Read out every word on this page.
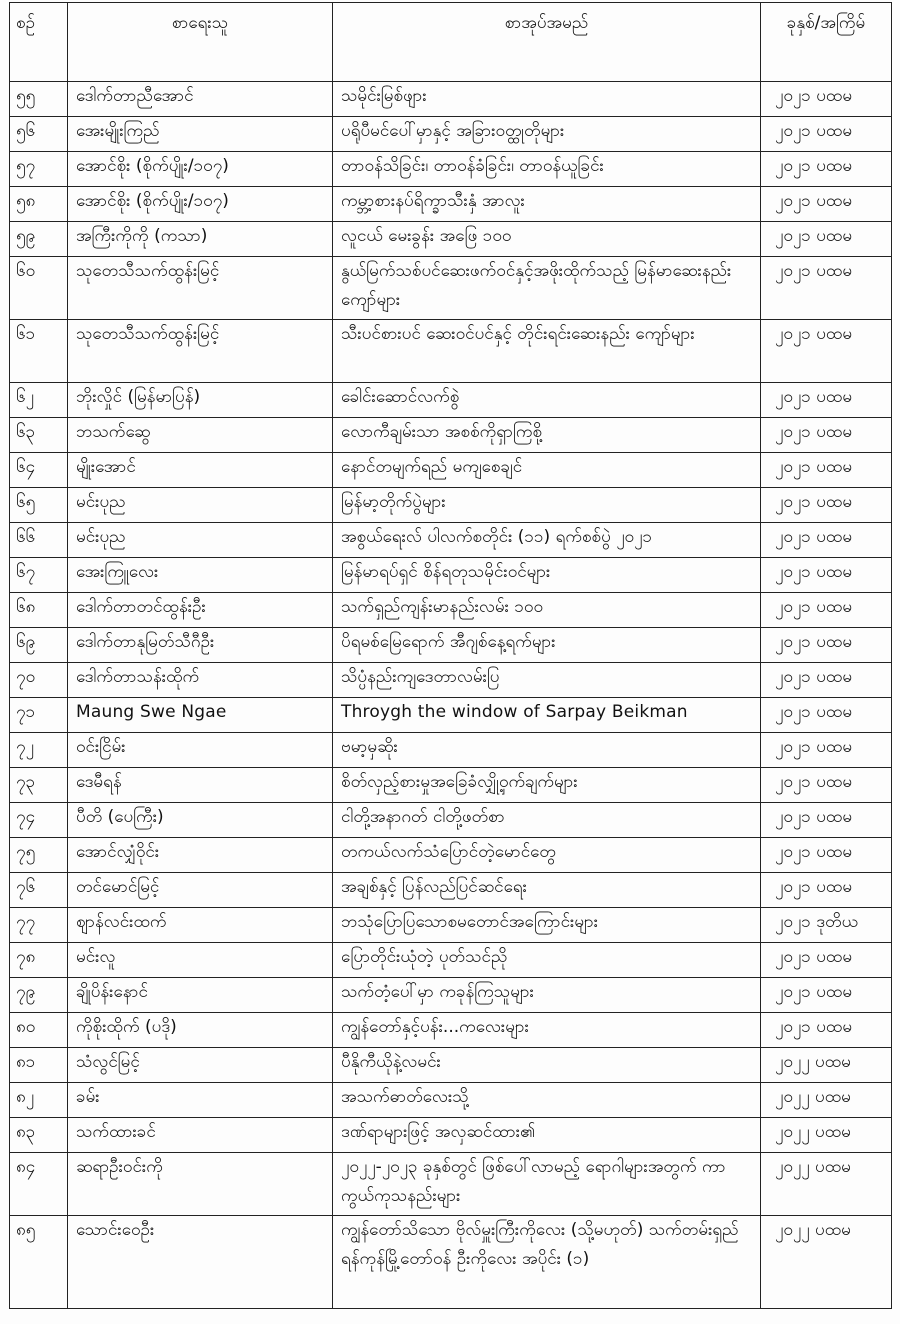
စဉ်	စာရေးသူ	စာအုပ်အမည်	ခုနှစ်/အကြိမ်
၅၅	ဒေါက်တာညီအောင်	သမိုင်းမြစ်ဖျား	၂၀၂၁ ပထမ
၅၆	အေးမျိုးကြည်	ပရိုပီမင်ပေါ်မှာနှင့် အခြားဝတ္ထုတိုများ	၂၀၂၁ ပထမ
၅၇	အောင်စိုး (စိုက်ပျိုး/၁၀၇)	တာဝန်သိခြင်း၊ တာဝန်ခံခြင်း၊ တာဝန်ယူခြင်း	၂၀၂၁ ပထမ
၅၈	အောင်စိုး (စိုက်ပျိုး/၁၀၇)	ကမ္ဘာ့စားနပ်ရိက္ခာသီးနှံ အာလူး	၂၀၂၁ ပထမ
၅၉	အကြီးကိုကို (ကသာ)	လူငယ် မေးခွန်း အဖြေ ၁၀၀	၂၀၂၁ ပထမ
၆၀	သုတေသီသက်ထွန်းမြင့်	နွယ်မြက်သစ်ပင်ဆေးဖက်ဝင်နှင့်အဖိုးထိုက်သည့် မြန်မာဆေးနည်းကျော်များ	၂၀၂၁ ပထမ
၆၁	သုတေသီသက်ထွန်းမြင့်	သီးပင်စားပင် ဆေးဝင်ပင်နှင့် တိုင်းရင်းဆေးနည်း ကျော်များ	၂၀၂၁ ပထမ
၆၂	ဘိုးလှိုင် (မြန်မာပြန်)	ခေါင်းဆောင်လက်စွဲ	၂၀၂၁ ပထမ
၆၃	ဘသက်ဆွေ	လောကီချမ်းသာ အစစ်ကိုရှာကြစို့	၂၀၂၁ ပထမ
၆၄	မျိုးအောင်	နောင်တမျက်ရည် မကျစေချင်	၂၀၂၁ ပထမ
၆၅	မင်းပုည	မြန်မာ့တိုက်ပွဲများ	၂၀၂၁ ပထမ
၆၆	မင်းပုည	အစွယ်ရေးလ် ပါလက်စတိုင်း (၁၁) ရက်စစ်ပွဲ ၂၀၂၁	၂၀၂၁ ပထမ
၆၇	အေးကြူလေး	မြန်မာရပ်ရှင် စိန်ရတုသမိုင်းဝင်များ	၂၀၂၁ ပထမ
၆၈	ဒေါက်တာတင်ထွန်းဦး	သက်ရှည်ကျန်းမာနည်းလမ်း ၁၀၀	၂၀၂၁ ပထမ
၆၉	ဒေါက်တာနုမြတ်သီဂီဦး	ပိရမစ်မြေရောက် အီဂျစ်နေ့ရက်များ	၂၀၂၁ ပထမ
၇၀	ဒေါက်တာသန်းထိုက်	သိပ္ပံနည်းကျဒေတာလမ်းပြ	၂၀၂၁ ပထမ
၇၁	Maung Swe Ngae	Throygh the window of Sarpay Beikman	၂၀၂၁ ပထမ
၇၂	ဝင်းငြိမ်း	ဗမာ့မှဆိုး	၂၀၂၁ ပထမ
၇၃	ဒေမီရန်	စိတ်လှည့်စားမှုအခြေခံလျှို့ဝှက်ချက်များ	၂၀၂၁ ပထမ
၇၄	ပီတိ (ပေကြီး)	ငါတို့အနာဂတ် ငါတို့ဖတ်စာ	၂၀၂၁ ပထမ
၇၅	အောင်လျှံဝိုင်း	တကယ်လက်သံပြောင်တဲ့မောင်တွေ	၂၀၂၁ ပထမ
၇၆	တင်မောင်မြင့်	အချစ်နှင့် ပြန်လည်ပြင်ဆင်ရေး	၂၀၂၁ ပထမ
၇၇	ဈာန်လင်းထက်	ဘသုံပြောပြသောစမတောင်အကြောင်းများ	၂၀၂၁ ဒုတိယ
၇၈	မင်းလူ	ပြောတိုင်းယုံတဲ့ ပုတ်သင်ညို	၂၀၂၁ ပထမ
၇၉	ချိုပိန်းနောင်	သက်တံ့ပေါ်မှာ ကခုန်ကြသူများ	၂၀၂၁ ပထမ
၈၀	ကိုစိုးထိုက် (ပဒို)	ကျွန်တော်နှင့်ပန်း...ကလေးများ	၂၀၂၁ ပထမ
၈၁	သံလွင်မြင့်	ပီနိုကီယိုနဲ့လမင်း	၂၀၂၂ ပထမ
၈၂	ခမ်း	အသက်ဓာတ်လေးသို့	၂၀၂၂ ပထမ
၈၃	သက်ထားခင်	ဒဏ်ရာများဖြင့် အလှဆင်ထား၏	၂၀၂၂ ပထမ
၈၄	ဆရာဦးဝင်းကို	၂၀၂၂-၂၀၂၃ ခုနှစ်တွင် ဖြစ်ပေါ်လာမည့် ရောဂါများအတွက် ကာကွယ်ကုသနည်းများ	၂၀၂၂ ပထမ
၈၅	သောင်းဝေဦး	ကျွန်တော်သိသော ဗိုလ်မှူးကြီးကိုလေး (သို့မဟုတ်) သက်တမ်းရှည်ရန်ကုန်မြို့တော်ဝန် ဦးကိုလေး အပိုင်း (၁)	၂၀၂၂ ပထမ
